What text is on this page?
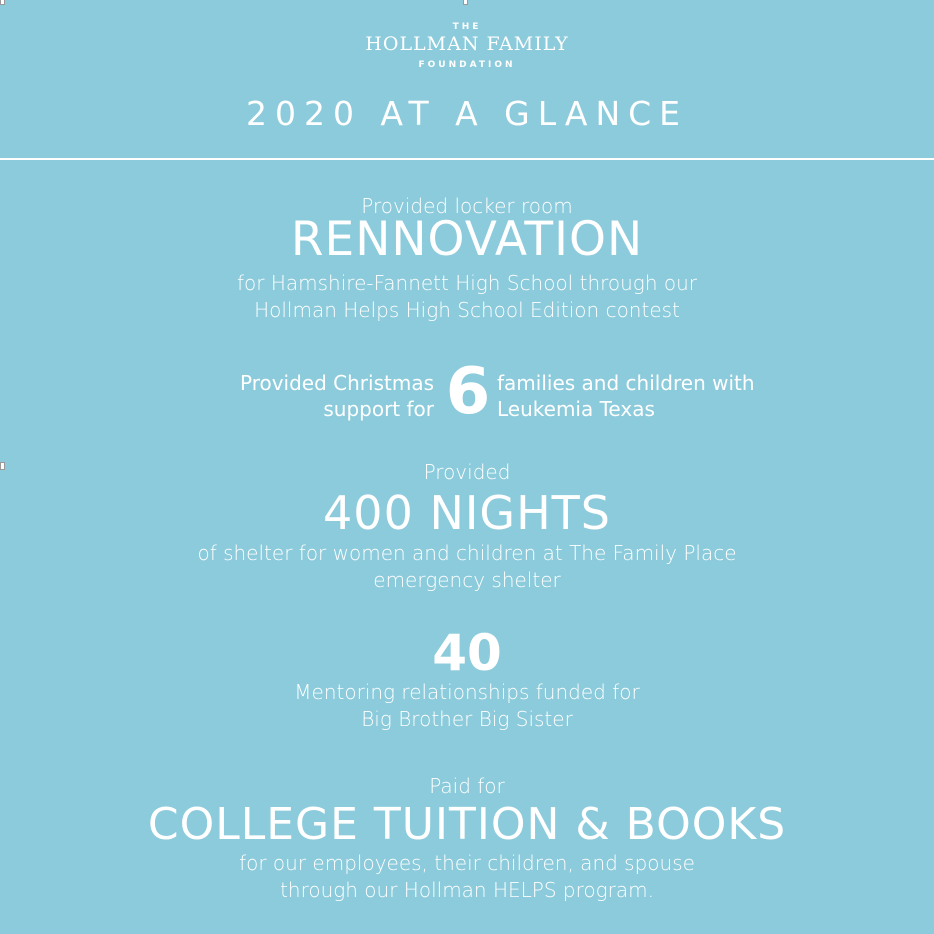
THE
HOLLMAN FAMILY
FOUNDATION
2020 AT A GLANCE
Provided locker room
RENNOVATION
for Hamshire-Fannett High School through our
Hollman Helps High School Edition contest
Provided Christmas
support for 6 families and children with
Leukemia Texas
Provided
400 NIGHTS
of shelter for women and children at The Family Place
emergency shelter
40
Mentoring relationships funded for
Big Brother Big Sister
Paid for
COLLEGE TUITION & BOOKS
for our employees, their children, and spouse
through our Hollman HELPS program.
